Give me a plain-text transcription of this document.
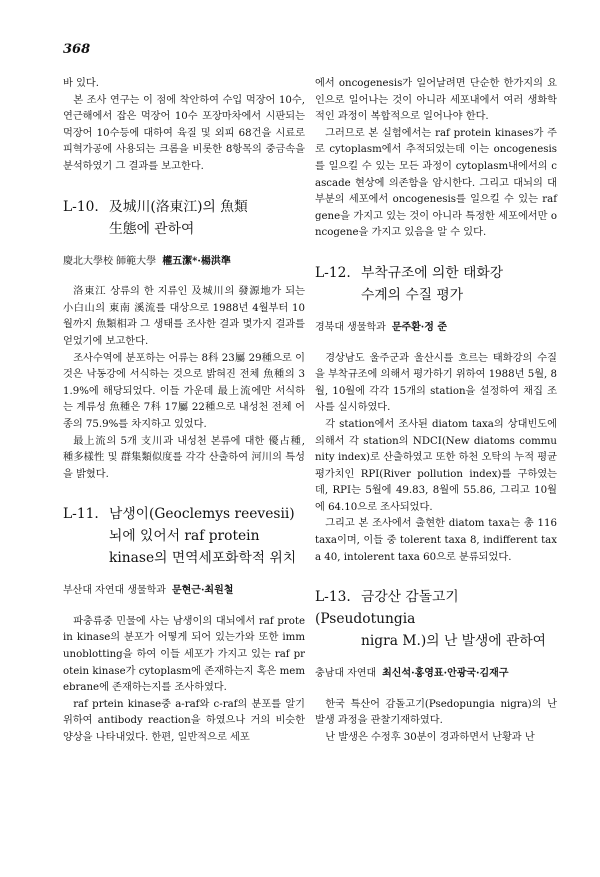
368

바 있다.

본 조사 연구는 이 점에 착안하여 수입 먹장어 10수, 연근해에서 잡은 먹장어 10수 포장마차에서 시판되는 먹장어 10수등에 대하여 육질 및 외피 68건을 시료로 피혁가공에 사용되는 크롬을 비롯한 8항목의 중금속을 분석하였기 그 결과를 보고한다.

L-10. 及城川(洛東江)의 魚類
生態에 관하여

慶北大學校 師範大學 權五潔*·楊洪準

洛東江 상류의 한 지류인 及城川의 發源地가 되는 小白山의 東南 溪流를 대상으로 1988년 4월부터 10월까지 魚類相과 그 생태를 조사한 결과 몇가지 결과를 얻었기에 보고한다.

조사수역에 분포하는 어류는 8科 23屬 29種으로 이것은 낙동강에 서식하는 것으로 밝혀진 전체 魚種의 31.9%에 해당되었다. 이들 가운데 最上流에만 서식하는 계류성 魚種은 7科 17屬 22種으로 내성천 전체 어종의 75.9%를 차지하고 있었다.

最上流의 5개 支川과 내성천 본류에 대한 優占種, 種多樣性 및 群集類似度를 각각 산출하여 河川의 특성을 밝혔다.

L-11. 남생이(Geoclemys reevesii)
뇌에 있어서 raf protein
kinase의 면역세포화학적 위치

부산대 자연대 생물학과 문현근·최원철

파충류중 민물에 사는 남생이의 대뇌에서 raf protein kinase의 분포가 어떻게 되어 있는가와 또한 immunoblotting을 하여 이들 세포가 가지고 있는 raf protein kinase가 cytoplasm에 존재하는지 혹은 memebrane에 존재하는지를 조사하였다.

raf prtein kinase중 a-raf와 c-raf의 분포를 알기 위하여 antibody reaction을 하였으나 거의 비슷한 양상을 나타내었다. 한편, 일반적으로 세포

에서 oncogenesis가 일어날려면 단순한 한가지의 요인으로 일어나는 것이 아니라 세포내에서 여러 생화학적인 과정이 복합적으로 일어나야 한다.

그러므로 본 실험에서는 raf protein kinases가 주로 cytoplasm에서 추적되었는데 이는 oncogenesis를 일으킬 수 있는 모든 과정이 cytoplasm내에서의 cascade 현상에 의존함을 암시한다. 그리고 대뇌의 대부분의 세포에서 oncogenesis를 일으킬 수 있는 raf gene을 가지고 있는 것이 아니라 특정한 세포에서만 oncogene을 가지고 있음을 알 수 있다.

L-12. 부착규조에 의한 태화강
수계의 수질 평가

경북대 생물학과 문주환·정 준

경상남도 울주군과 울산시를 흐르는 태화강의 수질을 부착규조에 의해서 평가하기 위하여 1988년 5월, 8월, 10월에 각각 15개의 station을 설정하여 채집 조사를 실시하였다.

각 station에서 조사된 diatom taxa의 상대빈도에 의해서 각 station의 NDCI(New diatoms community index)로 산출하였고 또한 하천 오탁의 누적 평균 평가치인 RPI(River pollution index)를 구하였는데, RPI는 5월에 49.83, 8월에 55.86, 그리고 10월에 64.10으로 조사되었다.

그리고 본 조사에서 출현한 diatom taxa는 총 116taxa이며, 이들 중 tolerent taxa 8, indifferent taxa 40, intolerent taxa 60으로 분류되었다.

L-13. 금강산 감돌고기(Pseudotungia
nigra M.)의 난 발생에 관하여

충남대 자연대 최신석·홍영표·안광국·김재구

한국 특산어 감돌고기(Psedopungia nigra)의 난 발생 과정을 관찰기재하였다.

난 발생은 수정후 30분이 경과하면서 난황과 난
